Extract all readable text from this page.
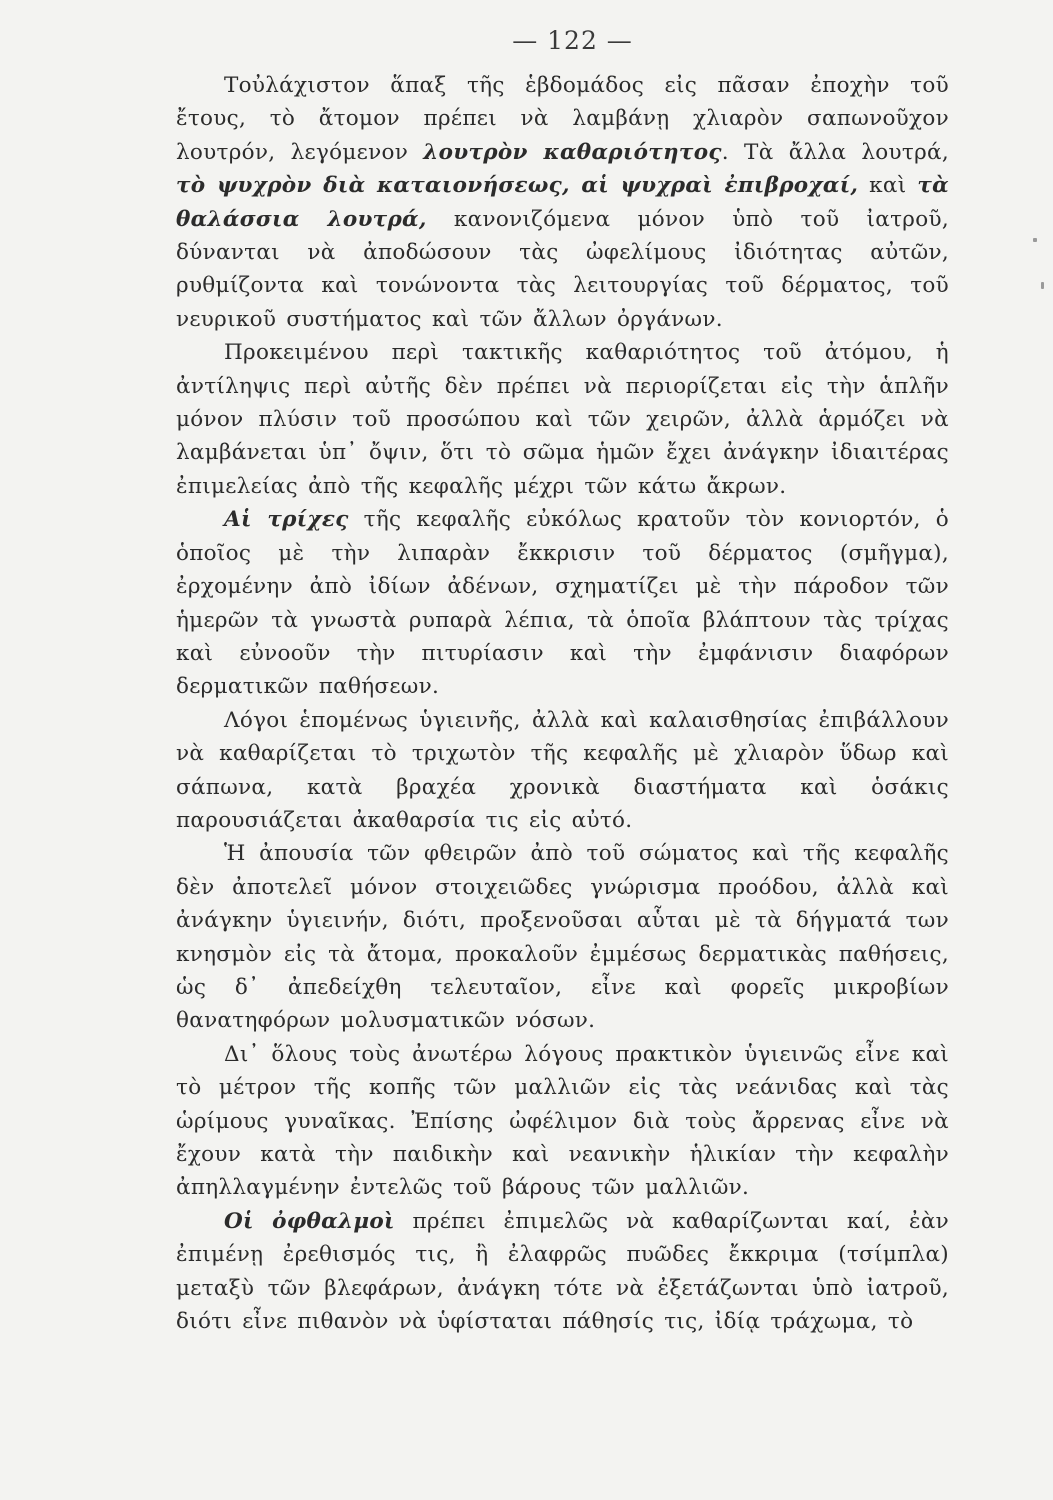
— 122 —

Τοὐλάχιστον ἅπαξ τῆς ἑβδομάδος εἰς πᾶσαν ἐποχὴν τοῦ ἔτους, τὸ ἄτομον πρέπει νὰ λαμβάνῃ χλιαρὸν σαπωνοῦχον λουτρόν, λεγόμενον λουτρὸν καθαριότητος. Τὰ ἄλλα λουτρά, τὸ ψυχρὸν διὰ καταιονήσεως, αἱ ψυχραὶ ἐπιβροχαί, καὶ τὰ θαλάσσια λουτρά, κανονιζόμενα μόνον ὑπὸ τοῦ ἰατροῦ, δύνανται νὰ ἀποδώσουν τὰς ὠφελίμους ἰδιότητας αὐτῶν, ρυθμίζοντα καὶ τονώνοντα τὰς λειτουργίας τοῦ δέρματος, τοῦ νευρικοῦ συστήματος καὶ τῶν ἄλλων ὀργάνων.

Προκειμένου περὶ τακτικῆς καθαριότητος τοῦ ἀτόμου, ἡ ἀντίληψις περὶ αὐτῆς δὲν πρέπει νὰ περιορίζεται εἰς τὴν ἁπλῆν μόνον πλύσιν τοῦ προσώπου καὶ τῶν χειρῶν, ἀλλὰ ἁρμόζει νὰ λαμβάνεται ὑπ᾿ ὄψιν, ὅτι τὸ σῶμα ἡμῶν ἔχει ἀνάγκην ἰδιαιτέρας ἐπιμελείας ἀπὸ τῆς κεφαλῆς μέχρι τῶν κάτω ἄκρων.

Αἱ τρίχες τῆς κεφαλῆς εὐκόλως κρατοῦν τὸν κονιορτόν, ὁ ὁποῖος μὲ τὴν λιπαρὰν ἔκκρισιν τοῦ δέρματος (σμῆγμα), ἐρχομένην ἀπὸ ἰδίων ἀδένων, σχηματίζει μὲ τὴν πάροδον τῶν ἡμερῶν τὰ γνωστὰ ρυπαρὰ λέπια, τὰ ὁποῖα βλάπτουν τὰς τρίχας καὶ εὐνοοῦν τὴν πιτυρίασιν καὶ τὴν ἐμφάνισιν διαφόρων δερματικῶν παθήσεων.

Λόγοι ἑπομένως ὑγιεινῆς, ἀλλὰ καὶ καλαισθησίας ἐπιβάλλουν νὰ καθαρίζεται τὸ τριχωτὸν τῆς κεφαλῆς μὲ χλιαρὸν ὕδωρ καὶ σάπωνα, κατὰ βραχέα χρονικὰ διαστήματα καὶ ὁσάκις παρουσιάζεται ἀκαθαρσία τις εἰς αὐτό.

Ἡ ἀπουσία τῶν φθειρῶν ἀπὸ τοῦ σώματος καὶ τῆς κεφαλῆς δὲν ἀποτελεῖ μόνον στοιχειῶδες γνώρισμα προόδου, ἀλλὰ καὶ ἀνάγκην ὑγιεινήν, διότι, προξενοῦσαι αὗται μὲ τὰ δήγματά των κνησμὸν εἰς τὰ ἄτομα, προκαλοῦν ἐμμέσως δερματικὰς παθήσεις, ὡς δ᾿ ἀπεδείχθη τελευταῖον, εἶνε καὶ φορεῖς μικροβίων θανατηφόρων μολυσματικῶν νόσων.

Δι᾿ ὅλους τοὺς ἀνωτέρω λόγους πρακτικὸν ὑγιεινῶς εἶνε καὶ τὸ μέτρον τῆς κοπῆς τῶν μαλλιῶν εἰς τὰς νεάνιδας καὶ τὰς ὡρίμους γυναῖκας. Ἐπίσης ὠφέλιμον διὰ τοὺς ἄρρενας εἶνε νὰ ἔχουν κατὰ τὴν παιδικὴν καὶ νεανικὴν ἡλικίαν τὴν κεφαλὴν ἀπηλλαγμένην ἐντελῶς τοῦ βάρους τῶν μαλλιῶν.

Οἱ ὀφθαλμοὶ πρέπει ἐπιμελῶς νὰ καθαρίζωνται καί, ἐὰν ἐπιμένῃ ἐρεθισμός τις, ἢ ἐλαφρῶς πυῶδες ἔκκριμα (τσίμπλα) μεταξὺ τῶν βλεφάρων, ἀνάγκη τότε νὰ ἐξετάζωνται ὑπὸ ἰατροῦ, διότι εἶνε πιθανὸν νὰ ὑφίσταται πάθησίς τις, ἰδίᾳ τράχωμα, τὸ
